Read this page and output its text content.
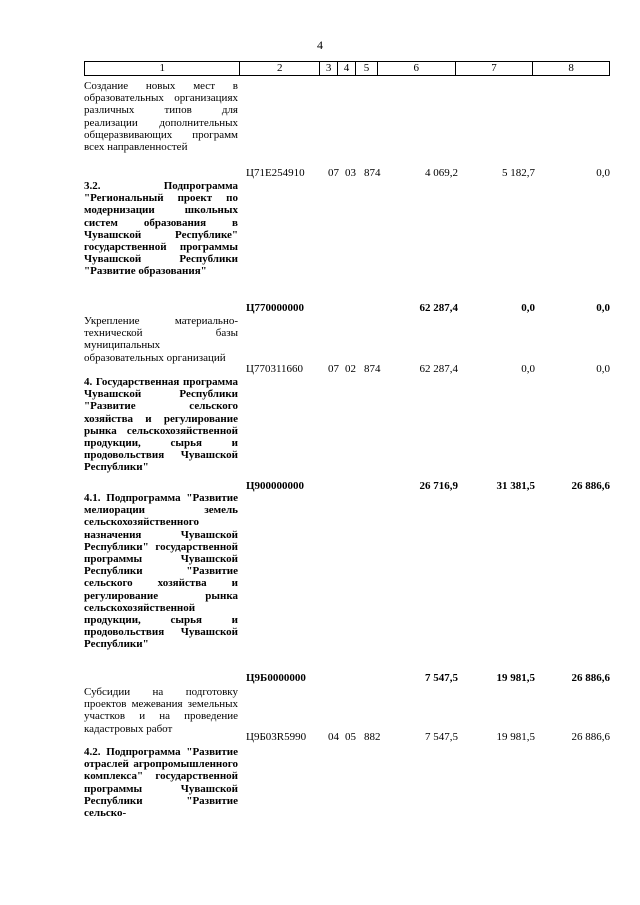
4
1	2	3	4	5	6	7	8
Создание новых мест в образовательных организациях различных типов для реализации дополнительных общеразвивающих программ всех направленностей
Ц71Е254910 07 03 874	4 069,2	5 182,7	0,0
3.2. Подпрограмма "Региональный проект по модернизации школьных систем образования в Чувашской Республике" государственной программы Чувашской Республики "Развитие образования"
Ц770000000	62 287,4	0,0	0,0
Укрепление материально-технической базы муниципальных образовательных организаций
Ц770311660 07 02 874	62 287,4	0,0	0,0
4. Государственная программа Чувашской Республики "Развитие сельского хозяйства и регулирование рынка сельскохозяйственной продукции, сырья и продовольствия Чувашской Республики"
Ц900000000	26 716,9	31 381,5	26 886,6
4.1. Подпрограмма "Развитие мелиорации земель сельскохозяйственного назначения Чувашской Республики" государственной программы Чувашской Республики "Развитие сельского хозяйства и регулирование рынка сельскохозяйственной продукции, сырья и продовольствия Чувашской Республики"
Ц9Б0000000	7 547,5	19 981,5	26 886,6
Субсидии на подготовку проектов межевания земельных участков и на проведение кадастровых работ
Ц9Б03R5990 04 05 882	7 547,5	19 981,5	26 886,6
4.2. Подпрограмма "Развитие отраслей агропромышленного комплекса" государственной программы Чувашской Республики "Развитие сельско-
